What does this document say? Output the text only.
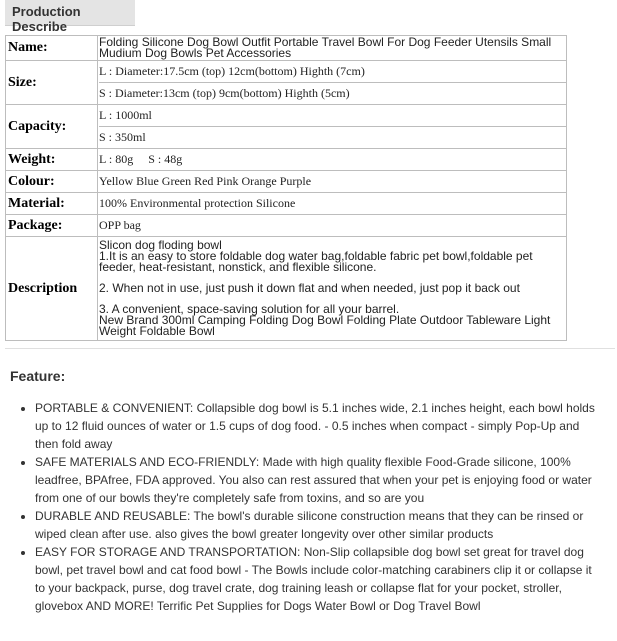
Production Describe
Name:	Folding Silicone Dog Bowl Outfit Portable Travel Bowl For Dog Feeder Utensils Small Mudium Dog Bowls Pet Accessories
Size:	L : Diameter:17.5cm (top) 12cm(bottom) Highth (7cm)
S : Diameter:13cm (top) 9cm(bottom) Highth (5cm)

Capacity:	L : 1000ml
S : 350ml

Weight:	L : 80g     S : 48g
Colour:	Yellow Blue Green Red Pink Orange Purple
Material:	100% Environmental protection Silicone
Package:	OPP bag
Description	Slicon dog floding bowl
1.It is an easy to store foldable dog water bag,foldable fabric pet bowl,foldable pet feeder, heat-resistant, nonstick, and flexible silicone.
2. When not in use, just push it down flat and when needed, just pop it back out
3. A convenient, space-saving solution for all your barrel.
New Brand 300ml Camping Folding Dog Bowl Folding Plate Outdoor Tableware Light Weight Foldable Bowl
Feature:
• PORTABLE & CONVENIENT: Collapsible dog bowl is 5.1 inches wide, 2.1 inches height, each bowl holds up to 12 fluid ounces of water or 1.5 cups of dog food. - 0.5 inches when compact - simply Pop-Up and then fold away
• SAFE MATERIALS AND ECO-FRIENDLY: Made with high quality flexible Food-Grade silicone, 100% leadfree, BPAfree, FDA approved. You also can rest assured that when your pet is enjoying food or water from one of our bowls they're completely safe from toxins, and so are you
• DURABLE AND REUSABLE: The bowl's durable silicone construction means that they can be rinsed or wiped clean after use. also gives the bowl greater longevity over other similar products
• EASY FOR STORAGE AND TRANSPORTATION: Non-Slip collapsible dog bowl set great for travel dog bowl, pet travel bowl and cat food bowl - The Bowls include color-matching carabiners clip it or collapse it to your backpack, purse, dog travel crate, dog training leash or collapse flat for your pocket, stroller, glovebox AND MORE! Terrific Pet Supplies for Dogs Water Bowl or Dog Travel Bowl
